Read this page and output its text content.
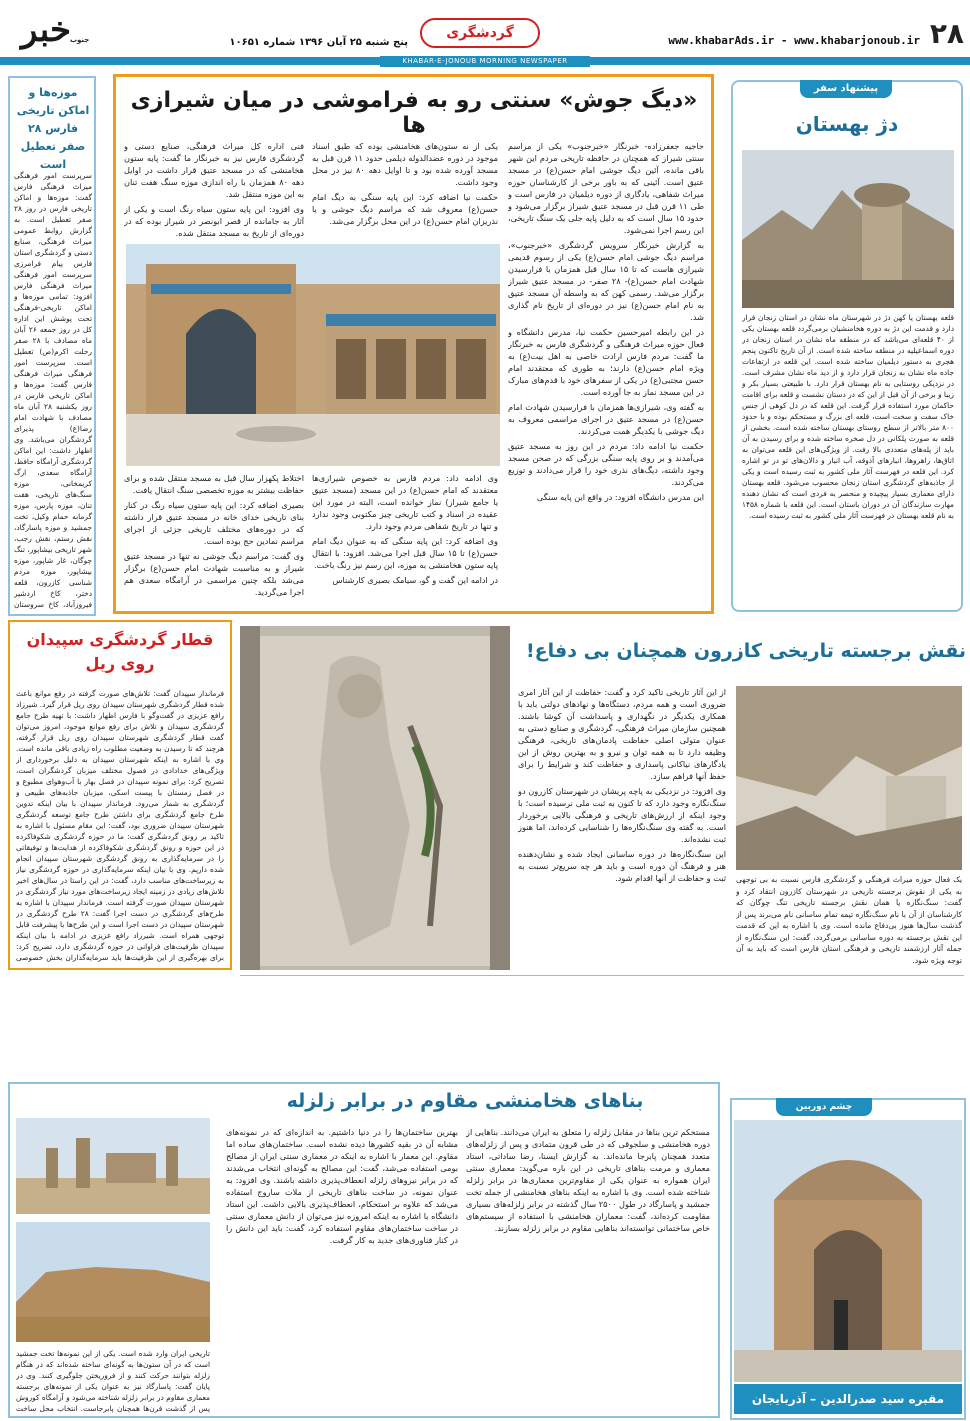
۲۸
www.khabarAds.ir - www.khabarjonoub.ir
گردشگری
پنج شنبه ۲۵ آبان ۱۳۹۶ شماره ۱۰۶۵۱
KHABAR-E-JONOUB MORNING NEWSPAPER
خبر
جنوب
موزه‌ها و اماکن تاریخی فارس ۲۸ صفر تعطیل است
سرپرست امور فرهنگی میراث فرهنگی فارس گفت: موزه‌ها و اماکن تاریخی فارس در روز ۲۸ صفر تعطیل است. به گزارش روابط عمومی میراث فرهنگی، صنایع دستی و گردشگری استان فارس پیام فرامرزی سرپرست امور فرهنگی میراث فرهنگی فارس افزود: تمامی موزه‌ها و اماکن تاریخی-فرهنگی تحت پوشش این اداره کل در روز جمعه ۲۶ آبان ماه مصادف با ۲۸ صفر رحلت اکرم(ص) تعطیل است. سرپرست امور فرهنگی میراث فرهنگی فارس گفت: موزه‌ها و اماکن تاریخی فارس در روز یکشنبه ۲۸ آبان ماه مصادف با شهادت امام رضا(ع) پذیرای گردشگران می‌باشد. وی اظهار داشت: این اماکن گردشگری آرامگاه حافظ، آرامگاه سعدی، ارگ کریمخانی، موزه سنگ‌های تاریخی، هفت تنان، موزه پارس، موزه گرمابه حمام وکیل، تخت جمشید و موزه پاسارگاد، نقش رستم، نقش رجب، شهر تاریخی بیشاپور، تنگ چوگان، غار شاپور، موزه بیشاپور، موزه مردم شناسی کازرون، قلعه دختر، کاخ اردشیر فیروزآباد، کاخ سروستان
«دیگ جوش» سنتی رو به فراموشی در میان شیرازی ها

حاجیه جعفرزاده- خبرنگار «خبرجنوب» یکی از مراسم سنتی شیراز که همچنان در حافظه تاریخی مردم این شهر باقی مانده، آئین دیگ جوشی امام حسن(ع) در مسجد عتیق است. آئینی که به باور برخی از کارشناسان حوزه میراث شفاهی، یادگاری از دوره دیلمیان در فارس است و طی ۱۱ قرن قبل در مسجد عتیق شیراز برگزار می‌شود و حدود ۱۵ سال است که به دلیل پایه جلی یک سنگ تاریخی، این رسم اجرا نمی‌شود.

به گزارش خبرنگار سرویس گردشگری «خبرجنوب»، مراسم دیگ جوشی امام حسن(ع) یکی از رسوم قدیمی شیرازی هاست که تا ۱۵ سال قبل همزمان با فرارسیدن شهادت امام حسن(ع)- ۲۸ صفر- در مسجد عتیق شیراز برگزار می‌شد. رسمی کهن که به واسطه آن مسجد عتیق به نام امام حسن(ع) نیز در دوره‌ای از تاریخ نام گذاری شد.

در این رابطه امیرحسین حکمت نیا، مدرس دانشگاه و فعال حوزه میراث فرهنگی و گردشگری فارس به خبرنگار ما گفت: مردم فارس ارادت خاصی به اهل بیت(ع) به ویژه امام حسن(ع) دارند؛ به طوری که معتقدند امام حسن مجتبی(ع) در یکی از سفرهای خود با قدم‌های مبارک در این مسجد نماز به جا آورده است.

به گفته وی، شیرازی‌ها همزمان با فرارسیدن شهادت امام حسن(ع) در مسجد عتیق در اجرای مراسمی معروف به دیگ جوشی با یکدیگر همت می‌کردند.

حکمت نیا ادامه داد: مردم در این روز به مسجد عتیق می‌آمدند و بر روی پایه سنگی بزرگی که در صحن مسجد وجود داشته، دیگ‌های نذری خود را قرار می‌دادند و توزیع می‌کردند.

این مدرس دانشگاه افزود: در واقع این پایه سنگی

یکی از نه ستون‌های هخامنشی بوده که طبق اسناد موجود در دوره عضدالدوله دیلمی حدود ۱۱ قرن قبل به مسجد آورده شده بود و تا اوایل دهه ۸۰ نیز در محل وجود داشت.

حکمت نیا اضافه کرد: این پایه سنگی به دیگ امام حسن(ع) معروف شد که مراسم دیگ جوشی و یا نذریزان امام حسن(ع) در این محل برگزار می‌شد.

فنی اداره کل میراث فرهنگی، صنایع دستی و گردشگری فارس نیز به خبرنگار ما گفت: پایه ستون هخامنشی که در مسجد عتیق قرار داشت در اوایل دهه ۸۰ همزمان با راه اندازی موزه سنگ هفت تنان به این موزه منتقل شد.

وی افزود: این پایه ستون سیاه رنگ است و یکی از آثار به جامانده از قصر ابونصر در شیراز بوده که در دوره‌ای از تاریخ به مسجد منتقل شده.

وی ادامه داد: مردم فارس به خصوص شیرازی‌ها معتقدند که امام حسن(ع) در این مسجد (مسجد عتیق یا جامع شیراز) نماز خوانده است، البته در مورد این عقیده در اسناد و کتب تاریخی چیز مکتوبی وجود ندارد و تنها در تاریخ شفاهی مردم وجود دارد.

وی اضافه کرد: این پایه سنگی که به عنوان دیگ امام حسن(ع) تا ۱۵ سال قبل اجرا می‌شد. افزود: با انتقال پایه ستون هخامنشی به موزه، این رسم نیز رنگ باخت.

در ادامه این گفت و گو، سیامک بصیری کارشناس

اختلاط پکهزار سال قبل به مسجد منتقل شده و برای حفاظت بیشتر به موزه تخصصی سنگ انتقال یافت.

بصیری اضافه کرد: این پایه ستون سیاه رنگ در کنار بنای تاریخی خدای خانه در مسجد عتیق قرار داشته که در دوره‌های مختلف تاریخی جزئی از اجرای مراسم نمادین حج بوده است.

وی گفت: مراسم دیگ جوشی نه تنها در مسجد عتیق شیراز و به مناسبت شهادت امام حسن(ع) برگزار می‌شد بلکه چنین مراسمی در آرامگاه سعدی هم اجرا می‌گردید.

پیشنهاد سفر
دژ بهستان
قلعه بهستان یا کهن دژ در شهرستان ماه نشان در استان زنجان قرار دارد و قدمت این دژ به دوره هخامنشیان برمی‌گردد قلعه بهستان یکی از ۴۰ قلعه‌ای می‌باشد که در منطقه ماه نشان در استان زنجان در دوره اسماعیلیه در منطقه ساخته شده است. از آن تاریخ تاکنون پنجم هجری به دستور دیلمیان ساخته شده است. این قلعه در ارتفاعات جاده ماه نشان به زنجان قرار دارد و از دید ماه نشان مشرف است. در نزدیکی روستایی به نام بهستان قرار دارد. با طبیعتی بسیار بکر و زیبا و برخی از آن قبل از این که در دستان نشست و قلعه برای اقامت حاکمان مورد استفاده قرار گرفت. این قلعه که در دل کوهی از جنس خاک سفت و سخت است، قلعه ای بزرگ و مستحکم بوده و با حدود ۸۰۰ متر بالاتر از سطح روستای بهستان ساخته شده است. بخشی از قلعه به صورت پلکانی در دل صخره ساخته شده و برای رسیدن به آن باید از پله‌های متعددی بالا رفت. از ویژگی‌های این قلعه می‌توان به اتاق‌ها، راهروها، انبارهای آذوقه، آب انبار و دالان‌های تو در تو اشاره کرد. این قلعه در فهرست آثار ملی کشور به ثبت رسیده است و یکی از جاذبه‌های گردشگری استان زنجان محسوب می‌شود. قلعه بهستان دارای معماری بسیار پیچیده و منحصر به فردی است که نشان دهنده مهارت سازندگان آن در دوران باستان است. این قلعه با شماره ۱۴۵۸ به نام قلعه بهستان در فهرست آثار ملی کشور به ثبت رسیده است.
قطار گردشگری سپیدان روی ریل
فرماندار سپیدان گفت: تلاش‌های صورت گرفته در رفع موانع باعث شده قطار گردشگری شهرستان سپیدان روی ریل قرار گیرد. شیرزاد رافع عزیزی در گفت‌وگو با فارس اظهار داشت: با تهیه طرح جامع گردشگری سپیدان و تلاش برای رفع موانع موجود، امروز می‌توان گفت قطار گردشگری شهرستان سپیدان روی ریل قرار گرفته، هرچند که تا رسیدن به وضعیت مطلوب راه زیادی باقی مانده است. وی با اشاره به اینکه شهرستان سپیدان به دلیل برخورداری از ویژگی‌های خدادادی در فصول مختلف میزبان گردشگران است، تصریح کرد: برای نمونه سپیدان در فصل بهار با آب‌وهوای مطبوع و در فصل زمستان با پیست اسکی، میزبان جاذبه‌های طبیعی و گردشگری به شمار می‌رود. فرماندار سپیدان با بیان اینکه تدوین طرح جامع گردشگری برای داشتن طرح جامع توسعه گردشگری شهرستان سپیدان ضروری بود، گفت: این مقام مسئول با اشاره به تاکید بر رونق گردشگری گفت: ما در حوزه گردشگری شکوفا‌کرده در این حوزه و رونق گردشگری شکوفا‌کرده از هدایت‌ها و توفیقاتی را در سرمایه‌گذاری به رونق گردشگری شهرستان سپیدان انجام شده داریم. وی با بیان اینکه سرمایه‌گذاری در حوزه گردشگری نیاز به زیرساخت‌های مناسب دارد، گفت: در این راستا در سال‌های اخیر تلاش‌های زیادی در زمینه ایجاد زیرساخت‌های مورد نیاز گردشگری در شهرستان سپیدان صورت گرفته است. فرماندار سپیدان با اشاره به طرح‌های گردشگری در دست اجرا گفت: ۲۸ طرح گردشگری در شهرستان سپیدان در دست اجرا است و این طرح‌ها با پیشرفت قابل توجهی همراه است. شیرزاد رافع عزیزی در ادامه با بیان اینکه سپیدان ظرفیت‌های فراوانی در حوزه گردشگری دارد، تصریح کرد: برای بهره‌گیری از این ظرفیت‌ها باید سرمایه‌گذاران بخش خصوصی
نقش برجسته تاریخی کازرون همچنان بی دفاع!

از این آثار تاریخی تاکید کرد و گفت: حفاظت از این آثار امری ضروری است و همه مردم، دستگاه‌ها و نهادهای دولتی باید با همکاری یکدیگر در نگهداری و پاسداشت آن کوشا باشند. همچنین سازمان میراث فرهنگی، گردشگری و صنایع دستی به عنوان متولی اصلی حفاظت پادمان‌های تاریخی، فرهنگی وظیفه دارد تا به همه توان و نیرو و به بهترین روش از این یادگارهای نیاکانی پاسداری و حفاظت کند و شرایط را برای حفظ آنها فراهم سازد.

وی افزود: در نزدیکی به پاچه پریشان در شهرستان کازرون دو سنگ‌نگاره وجود دارد که تا کنون به ثبت ملی نرسیده است؛ با وجود اینکه از ارزش‌های تاریخی و فرهنگی بالایی برخوردار است. به گفته وی سنگ‌نگاره‌ها را شناسایی کرده‌اند، اما هنوز ثبت نشده‌اند.

این سنگ‌نگاره‌ها در دوره ساسانی ایجاد شده و نشان‌دهنده هنر و فرهنگ آن دوره است و باید هر چه سریع‌تر نسبت به ثبت و حفاظت از آنها اقدام شود. یک فعال حوزه میراث فرهنگی و گردشگری فارس نسبت به بی توجهی به یکی از نقوش برجسته تاریخی در شهرستان کازرون انتقاد کرد و گفت: سنگ‌نگاره یا همان نقش برجسته تاریخی تنگ چوگان که کارشناسان از آن با نام سنگ‌نگاره تیمه تمام ساسانی نام می‌برند پس از گذشت سال‌ها هنوز بی‌دفاع مانده است. وی با اشاره به این که قدمت این نقش برجسته به دوره ساسانی برمی‌گردد، گفت: این سنگ‌نگاره از جمله آثار ارزشمند تاریخی و فرهنگی استان فارس است که باید به آن توجه ویژه شود.
بناهای هخامنشی مقاوم در برابر زلزله
تاریخی ایران وارد شده است. یکی از این نمونه‌ها تخت جمشید است که در آن ستون‌ها به گونه‌ای ساخته شده‌اند که در هنگام زلزله بتوانند حرکت کنند و از فروریختن جلوگیری کنند. وی در پایان گفت: پاسارگاد نیز به عنوان یکی از نمونه‌های برجسته معماری مقاوم در برابر زلزله شناخته می‌شود و آرامگاه کوروش پس از گذشت قرن‌ها همچنان پابرجاست. انتخاب محل ساخت
بهترین ساختمان‌ها را در دنیا داشتیم. به اندازه‌ای که در نمونه‌های مشابه آن در بقیه کشورها دیده نشده است. ساختمان‌های ساده اما مقاوم. این معمار با اشاره به اینکه در معماری سنتی ایران از مصالح بومی استفاده می‌شد، گفت: این مصالح به گونه‌ای انتخاب می‌شدند که در برابر نیروهای زلزله انعطاف‌پذیری داشته باشند. وی افزود: به عنوان نمونه، در ساخت بناهای تاریخی از ملات ساروج استفاده می‌شد که علاوه بر استحکام، انعطاف‌پذیری بالایی داشت. این استاد دانشگاه با اشاره به اینکه امروزه نیز می‌توان از دانش معماری سنتی در ساخت ساختمان‌های مقاوم استفاده کرد، گفت: باید این دانش را در کنار فناوری‌های جدید به کار گرفت.
مستحکم ترین بناها در مقابل زلزله را متعلق به ایران می‌دانند. بناهایی از دوره هخامنشی و سلجوقی که در طی قرون متمادی و پس از زلزله‌های متعدد همچنان پابرجا مانده‌اند. به گزارش ایسنا، رضا ساداتی، استاد معماری و مرمت بناهای تاریخی در این باره می‌گوید: معماری سنتی ایران همواره به عنوان یکی از مقاوم‌ترین معماری‌ها در برابر زلزله شناخته شده است. وی با اشاره به اینکه بناهای هخامنشی از جمله تخت جمشید و پاسارگاد در طول ۲۵۰۰ سال گذشته در برابر زلزله‌های بسیاری مقاومت کرده‌اند، گفت: معماران هخامنشی با استفاده از سیستم‌های خاص ساختمانی توانسته‌اند بناهایی مقاوم در برابر زلزله بسازند.
چشم دوربین
مقبره سید صدرالدین – آذربایجان
